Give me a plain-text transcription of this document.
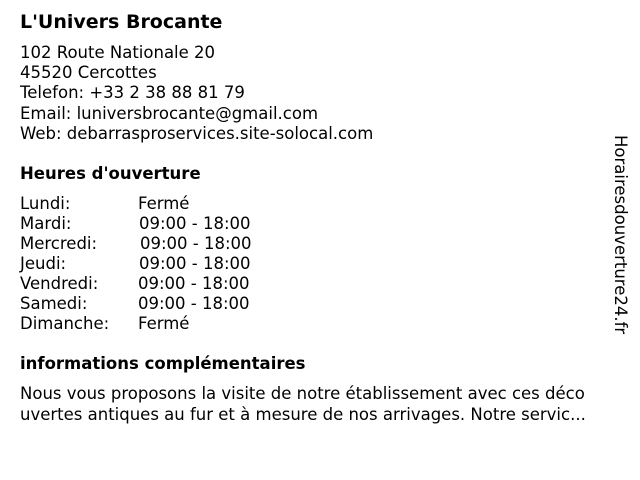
L'Univers Brocante
102 Route Nationale 20
45520 Cercottes
Telefon: +33 2 38 88 81 79
Email: luniversbrocante@gmail.com
Web: debarrasproservices.site-solocal.com
Heures d'ouverture
Lundi:	Fermé
Mardi:	09:00 - 18:00
Mercredi:	09:00 - 18:00
Jeudi:	09:00 - 18:00
Vendredi: 09:00 - 18:00
Samedi:	09:00 - 18:00
Dimanche: Fermé
informations complémentaires
Nous vous proposons la visite de notre établissement avec ces déco
uvertes antiques au fur et à mesure de nos arrivages. Notre servic...
Horairesdouverture24.fr
